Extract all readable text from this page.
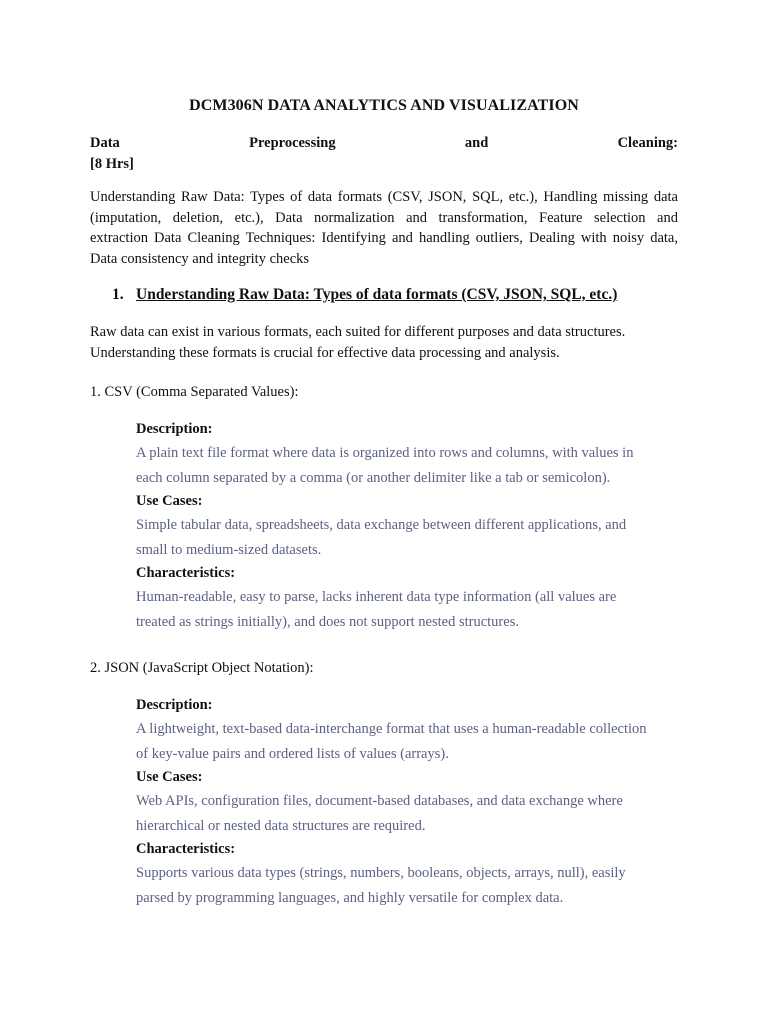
DCM306N DATA ANALYTICS AND VISUALIZATION
Data	Preprocessing	and	Cleaning:
[8 Hrs]
Understanding Raw Data: Types of data formats (CSV, JSON, SQL, etc.), Handling missing data
(imputation, deletion, etc.), Data normalization and transformation, Feature selection and
extraction Data Cleaning Techniques: Identifying and handling outliers, Dealing with noisy data,
Data consistency and integrity checks
1. Understanding Raw Data: Types of data formats (CSV, JSON, SQL, etc.)
Raw data can exist in various formats, each suited for different purposes and data structures.
Understanding these formats is crucial for effective data processing and analysis.
1. CSV (Comma Separated Values):
Description:
A plain text file format where data is organized into rows and columns, with values in
each column separated by a comma (or another delimiter like a tab or semicolon).
Use Cases:
Simple tabular data, spreadsheets, data exchange between different applications, and
small to medium-sized datasets.
Characteristics:
Human-readable, easy to parse, lacks inherent data type information (all values are
treated as strings initially), and does not support nested structures.
2. JSON (JavaScript Object Notation):
Description:
A lightweight, text-based data-interchange format that uses a human-readable collection
of key-value pairs and ordered lists of values (arrays).
Use Cases:
Web APIs, configuration files, document-based databases, and data exchange where
hierarchical or nested data structures are required.
Characteristics:
Supports various data types (strings, numbers, booleans, objects, arrays, null), easily
parsed by programming languages, and highly versatile for complex data.
